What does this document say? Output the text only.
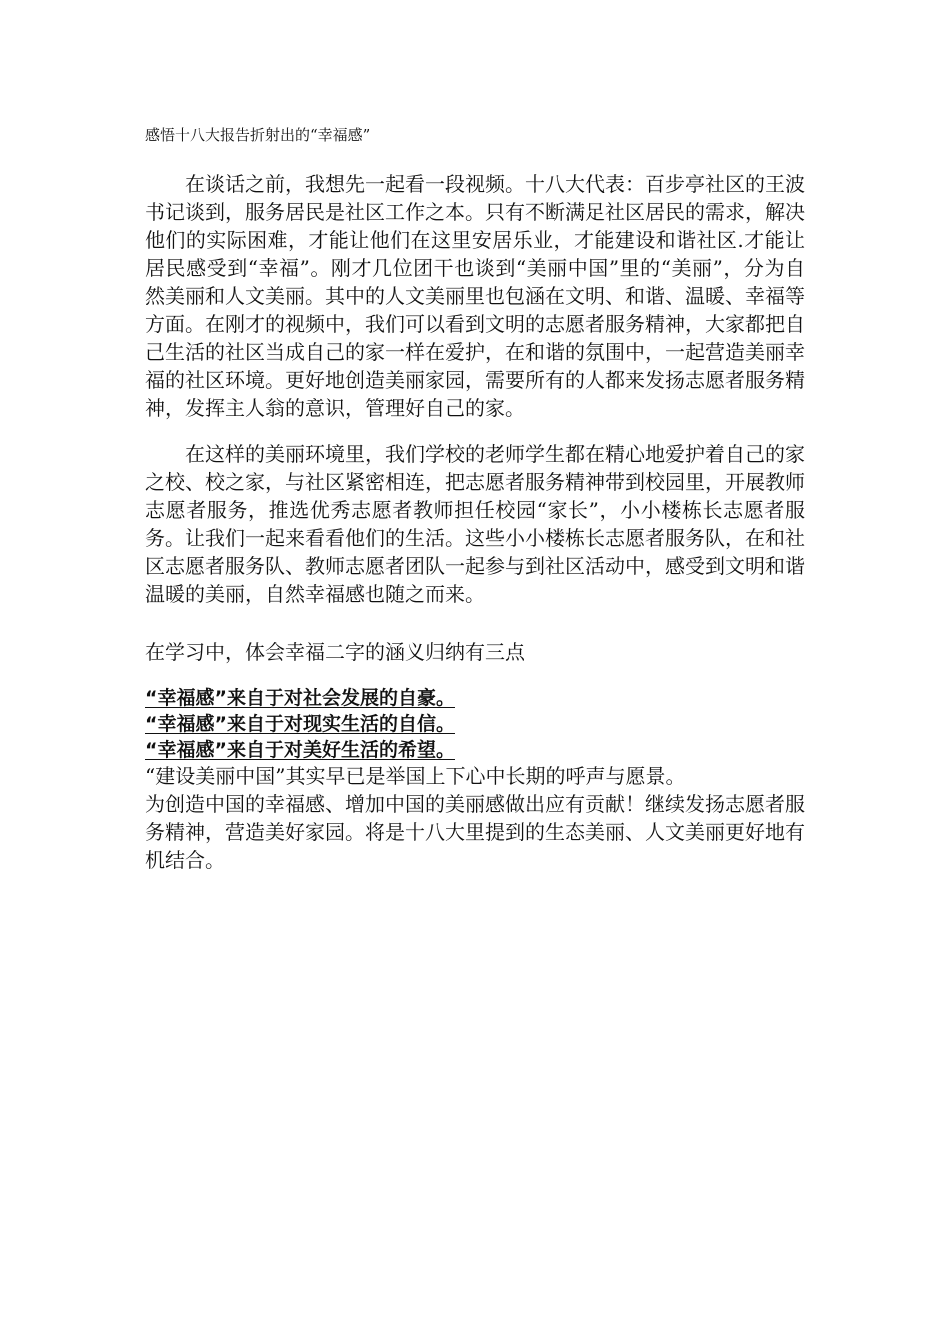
感悟十八大报告折射出的“幸福感”

在谈话之前，我想先一起看一段视频。十八大代表：百步亭社区的王波书记谈到，服务居民是社区工作之本。只有不断满足社区居民的需求，解决他们的实际困难，才能让他们在这里安居乐业，才能建设和谐社区.才能让居民感受到“幸福”。刚才几位团干也谈到“美丽中国”里的“美丽”，分为自然美丽和人文美丽。其中的人文美丽里也包涵在文明、和谐、温暖、幸福等方面。在刚才的视频中，我们可以看到文明的志愿者服务精神，大家都把自己生活的社区当成自己的家一样在爱护，在和谐的氛围中，一起营造美丽幸福的社区环境。更好地创造美丽家园，需要所有的人都来发扬志愿者服务精神，发挥主人翁的意识，管理好自己的家。

在这样的美丽环境里，我们学校的老师学生都在精心地爱护着自己的家之校、校之家，与社区紧密相连，把志愿者服务精神带到校园里，开展教师志愿者服务，推选优秀志愿者教师担任校园“家长”，小小楼栋长志愿者服务。让我们一起来看看他们的生活。这些小小楼栋长志愿者服务队，在和社区志愿者服务队、教师志愿者团队一起参与到社区活动中，感受到文明和谐温暖的美丽，自然幸福感也随之而来。

在学习中，体会幸福二字的涵义归纳有三点

“幸福感”来自于对社会发展的自豪。
“幸福感”来自于对现实生活的自信。
“幸福感”来自于对美好生活的希望。

“建设美丽中国”其实早已是举国上下心中长期的呼声与愿景。

为创造中国的幸福感、增加中国的美丽感做出应有贡献！继续发扬志愿者服务精神，营造美好家园。将是十八大里提到的生态美丽、人文美丽更好地有机结合。
